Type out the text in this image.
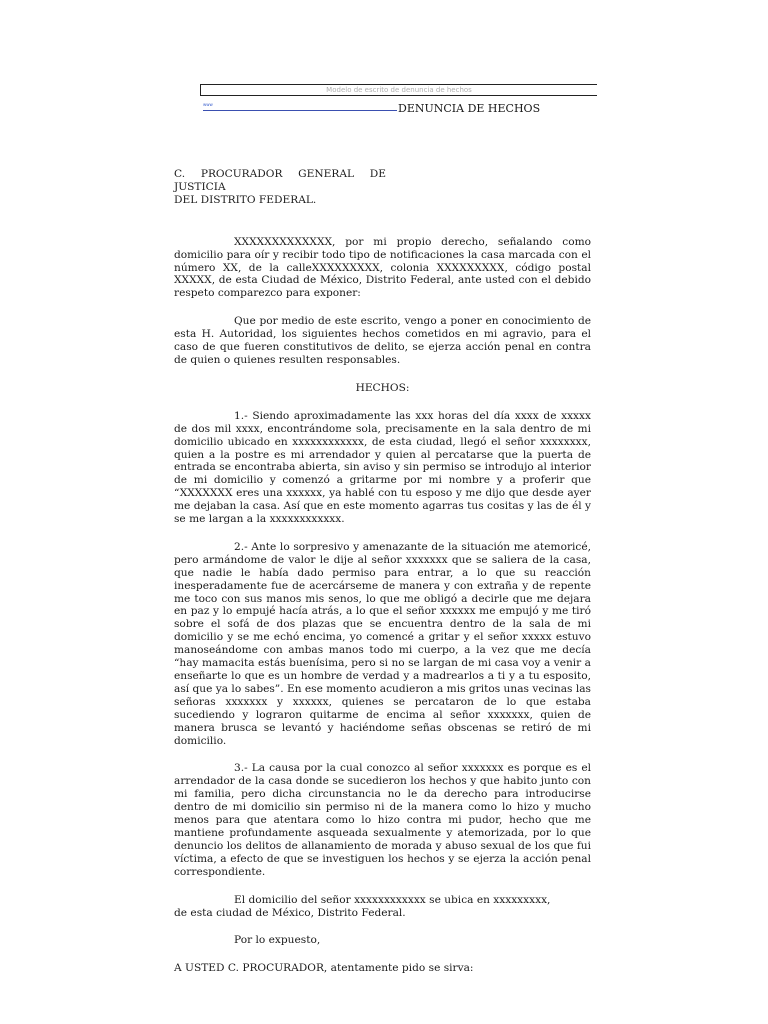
Modelo de escrito de denuncia de hechos
www	DENUNCIA DE HECHOS

C. PROCURADOR GENERAL DE JUSTICIA

DEL DISTRITO FEDERAL.

XXXXXXXXXXXXX, por mi propio derecho, señalando como domicilio para oír y recibir todo tipo de notificaciones la casa marcada con el número XX, de la calleXXXXXXXXX, colonia XXXXXXXXX, código postal XXXXX, de esta Ciudad de México, Distrito Federal, ante usted con el debido respeto comparezco para exponer:

Que por medio de este escrito, vengo a poner en conocimiento de esta H. Autoridad, los siguientes hechos cometidos en mi agravio, para el caso de que fueren constitutivos de delito, se ejerza acción penal en contra de quien o quienes resulten responsables.

HECHOS:

1.- Siendo aproximadamente las xxx horas del día xxxx de xxxxx de dos mil xxxx, encontrándome sola, precisamente en la sala dentro de mi domicilio ubicado en xxxxxxxxxxxx, de esta ciudad, llegó el señor xxxxxxxx, quien a la postre es mi arrendador y quien al percatarse que la puerta de entrada se encontraba abierta, sin aviso y sin permiso se introdujo al interior de mi domicilio y comenzó a gritarme por mi nombre y a proferir que “XXXXXXX eres una xxxxxx, ya hablé con tu esposo y me dijo que desde ayer me dejaban la casa. Así que en este momento agarras tus cositas y las de él y se me largan a la xxxxxxxxxxxx.

2.- Ante lo sorpresivo y amenazante de la situación me atemoricé, pero armándome de valor le dije al señor xxxxxxx que se saliera de la casa, que nadie le había dado permiso para entrar, a lo que su reacción inesperadamente fue de acercárseme de manera y con extraña y de repente me toco con sus manos mis senos, lo que me obligó a decirle que me dejara en paz y lo empujé hacía atrás, a lo que el señor xxxxxx me empujó y me tiró sobre el sofá de dos plazas que se encuentra dentro de la sala de mi domicilio y se me echó encima, yo comencé a gritar y el señor xxxxx estuvo manoseándome con ambas manos todo mi cuerpo, a la vez que me decía “hay mamacita estás buenísima, pero si no se largan de mi casa voy a venir a enseñarte lo que es un hombre de verdad y a madrearlos a ti y a tu esposito, así que ya lo sabes”. En ese momento acudieron a mis gritos unas vecinas las señoras xxxxxxx y xxxxxx, quienes se percataron de lo que estaba sucediendo y lograron quitarme de encima al señor xxxxxxx, quien de manera brusca se levantó y haciéndome señas obscenas se retiró de mi domicilio.

3.- La causa por la cual conozco al señor xxxxxxx es porque es el arrendador de la casa donde se sucedieron los hechos y que habito junto con mi familia, pero dicha circunstancia no le da derecho para introducirse dentro de mi domicilio sin permiso ni de la manera como lo hizo y mucho menos para que atentara como lo hizo contra mi pudor, hecho que me mantiene profundamente asqueada sexualmente y atemorizada, por lo que denuncio los delitos de allanamiento de morada y abuso sexual de los que fui víctima, a efecto de que se investiguen los hechos y se ejerza la acción penal correspondiente.

El domicilio del señor xxxxxxxxxxxx se ubica en xxxxxxxxx, de esta ciudad de México, Distrito Federal.

Por lo expuesto,

A USTED C. PROCURADOR, atentamente pido se sirva:
